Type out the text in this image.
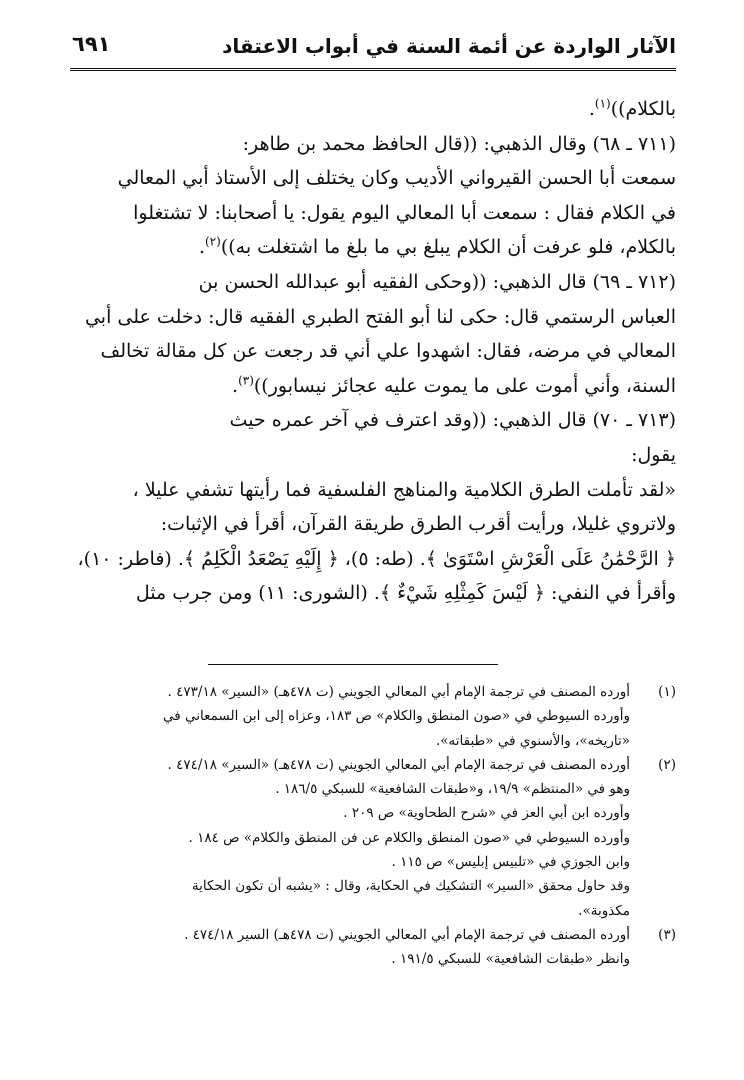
الآثار الواردة عن أئمة السنة في أبواب الاعتقاد
٦٩١
بالكلام))$^{(١)}$.
(٧١١ ـ ٦٨) وقال الذهبي: ((قال الحافظ محمد بن طاهر:
سمعت أبا الحسن القيرواني الأديب وكان يختلف إلى الأستاذ أبي المعالي
في الكلام فقال : سمعت أبا المعالي اليوم يقول: يا أصحابنا: لا تشتغلوا
بالكلام، فلو عرفت أن الكلام يبلغ بي ما بلغ ما اشتغلت به))$^{(٢)}$.
(٧١٢ ـ ٦٩) قال الذهبي: ((وحكى الفقيه أبو عبدالله الحسن بن
العباس الرستمي قال: حكى لنا أبو الفتح الطبري الفقيه قال: دخلت على أبي
المعالي في مرضه، فقال: اشهدوا علي أني قد رجعت عن كل مقالة تخالف
السنة، وأني أموت على ما يموت عليه عجائز نيسابور))$^{(٣)}$.
(٧١٣ ـ ٧٠) قال الذهبي: ((وقد اعترف في آخر عمره حيث
يقول:
«لقد تأملت الطرق الكلامية والمناهج الفلسفية فما رأيتها تشفي عليلا ،
ولاتروي غليلا، ورأيت أقرب الطرق طريقة القرآن، أقرأ في الإثبات:
﴿ الرَّحْمَٰنُ عَلَى الْعَرْشِ اسْتَوَىٰ ﴾. (طه: ٥)، ﴿ إِلَيْهِ يَصْعَدُ الْكَلِمُ ﴾. (فاطر: ١٠)،
وأقرأ في النفي: ﴿ لَيْسَ كَمِثْلِهِ شَيْءٌ ﴾. (الشورى: ١١) ومن جرب مثل
(١)
أورده المصنف في ترجمة الإمام أبي المعالي الجويني (ت ٤٧٨هـ) «السير» ٤٧٣/١٨ .
وأورده السيوطي في «صون المنطق والكلام» ص ١٨٣، وعزاه إلى ابن السمعاني في
«تاريخه»، والأسنوي في «طبقاته».
(٢)
أورده المصنف في ترجمة الإمام أبي المعالي الجويني (ت ٤٧٨هـ) «السير» ٤٧٤/١٨ .
وهو في «المنتظم» ١٩/٩، و«طبقات الشافعية» للسبكي ١٨٦/٥ .
وأورده ابن أبي العز في «شرح الطحاوية» ص ٢٠٩ .
وأورده السيوطي في «صون المنطق والكلام عن فن المنطق والكلام» ص ١٨٤ .
وابن الجوزي في «تلبيس إبليس» ص ١١٥ .
وقد حاول محقق «السير» التشكيك في الحكاية، وقال : «يشبه أن تكون الحكاية
مكذوبة».
(٣)
أورده المصنف في ترجمة الإمام أبي المعالي الجويني (ت ٤٧٨هـ) السير ٤٧٤/١٨ .
وانظر «طبقات الشافعية» للسبكي ١٩١/٥ .
